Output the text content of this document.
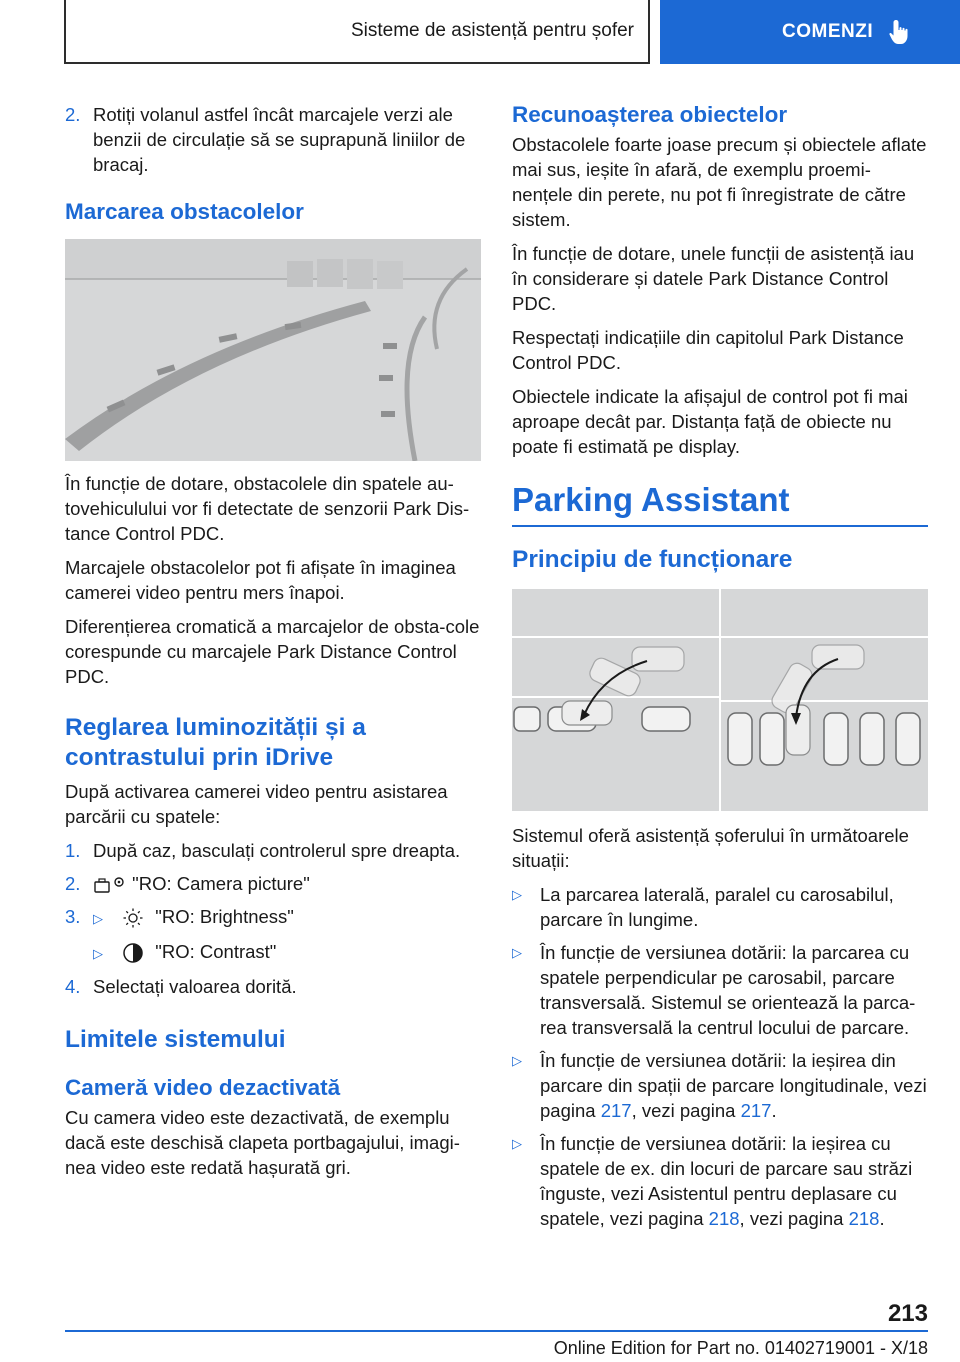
Sisteme de asistență pentru șofer	COMENZI
2. Rotiți volanul astfel încât marcajele verzi ale benzii de circulație să se suprapună liniilor de bracaj.
Marcarea obstacolelor

În funcție de dotare, obstacolele din spatele au-tovehiculului vor fi detectate de senzorii Park Dis-tance Control PDC.

Marcajele obstacolelor pot fi afișate în imaginea camerei video pentru mers înapoi.

Diferențierea cromatică a marcajelor de obsta-cole corespunde cu marcajele Park Distance Control PDC.

Reglarea luminozității și a contrastului prin iDrive

După activarea camerei video pentru asistarea parcării cu spatele:

1. După caz, basculați controlerul spre dreapta.
2.	"RO: Camera picture"
3. ▷	"RO: Brightness"
▷	"RO: Contrast"
4. Selectați valoarea dorită.
Limitele sistemului
Cameră video dezactivată

Cu camera video este dezactivată, de exemplu dacă este deschisă clapeta portbagajului, imagi-nea video este redată hașurată gri.

Recunoașterea obiectelor

Obstacolele foarte joase precum și obiectele aflate mai sus, ieșite în afară, de exemplu proemi-nențele din perete, nu pot fi înregistrate de către sistem.

În funcție de dotare, unele funcții de asistență iau în considerare și datele Park Distance Control PDC.

Respectați indicațiile din capitolul Park Distance Control PDC.

Obiectele indicate la afișajul de control pot fi mai aproape decât par. Distanța față de obiecte nu poate fi estimată pe display.

Parking Assistant
Principiu de funcționare

Sistemul oferă asistență șoferului în următoarele situații:

▷ La parcarea laterală, paralel cu carosabilul, parcare în lungime.
▷ În funcție de versiunea dotării: la parcarea cu spatele perpendicular pe carosabil, parcare transversală. Sistemul se orientează la parca-rea transversală la centrul locului de parcare.
▷ În funcție de versiunea dotării: la ieșirea din parcare din spații de parcare longitudinale, vezi pagina 217, vezi pagina 217.
▷ În funcție de versiunea dotării: la ieșirea cu spatele de ex. din locuri de parcare sau străzi înguste, vezi Asistentul pentru deplasare cu spatele, vezi pagina 218, vezi pagina 218.
213
Online Edition for Part no. 01402719001 - X/18
